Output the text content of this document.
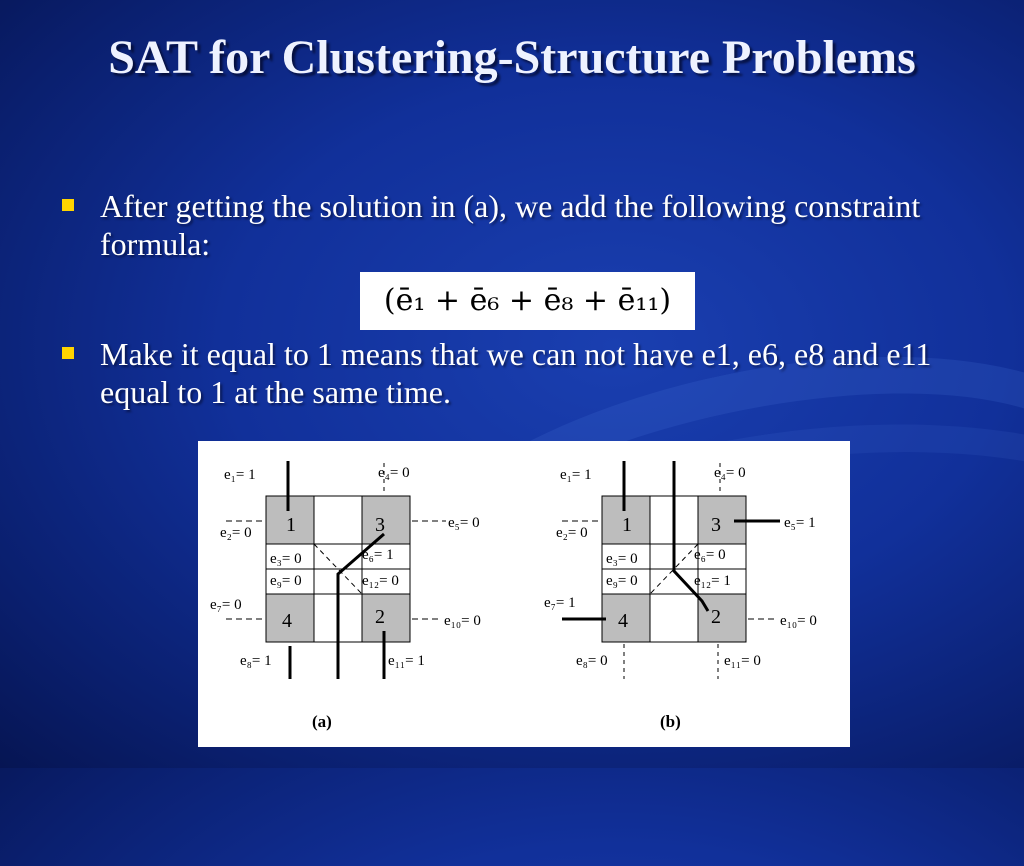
SAT for Clustering-Structure Problems
After getting the solution in (a), we add the following constraint formula:
(ē₁ + ē₆ + ē₈ + ē₁₁)
Make it equal to 1 means that we can not have e1, e6, e8 and e11 equal to 1 at the same time.
1	3
4	2
e₁= 1
e₂= 0
e₃= 0
e₄= 0
e₅= 0
e₆= 1
e₇= 0
e₈= 1
e₉= 0
e₁₀= 0
e₁₁= 1
e₁₂= 0
(a)
1	3
4	2
e₁= 1
e₂= 0
e₃= 0
e₄= 0
e₅= 1
e₆= 0
e₇= 1
e₈= 0
e₉= 0
e₁₀= 0
e₁₁= 0
e₁₂= 1
(b)
